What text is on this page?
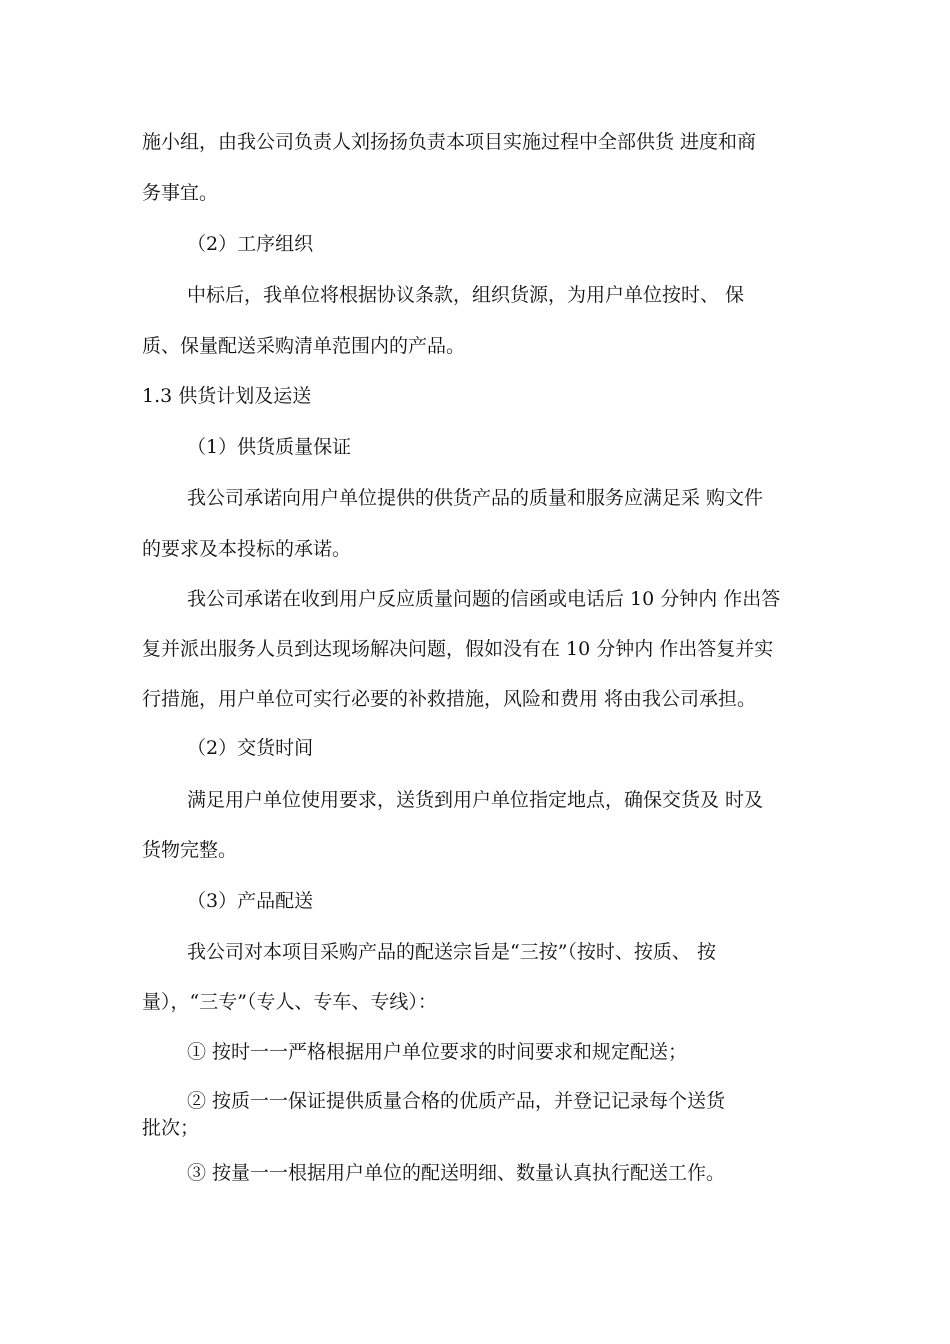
施小组，由我公司负责人刘扬扬负责本项目实施过程中全部供货 进度和商
务事宜。
（2）工序组织
中标后，我单位将根据协议条款，组织货源，为用户单位按时、 保
质、保量配送采购清单范围内的产品。
1.3 供货计划及运送
（1）供货质量保证
我公司承诺向用户单位提供的供货产品的质量和服务应满足采 购文件
的要求及本投标的承诺。
我公司承诺在收到用户反应质量问题的信函或电话后 10 分钟内 作出答
复并派出服务人员到达现场解决问题，假如没有在 10 分钟内 作出答复并实
行措施，用户单位可实行必要的补救措施，风险和费用 将由我公司承担。
（2）交货时间
满足用户单位使用要求，送货到用户单位指定地点，确保交货及 时及
货物完整。
（3）产品配送
我公司对本项目采购产品的配送宗旨是“三按”（按时、按质、 按
量），“三专”（专人、专车、专线）：
① 按时一一严格根据用户单位要求的时间要求和规定配送；
② 按质一一保证提供质量合格的优质产品，并登记记录每个送货
批次；
③ 按量一一根据用户单位的配送明细、数量认真执行配送工作。
